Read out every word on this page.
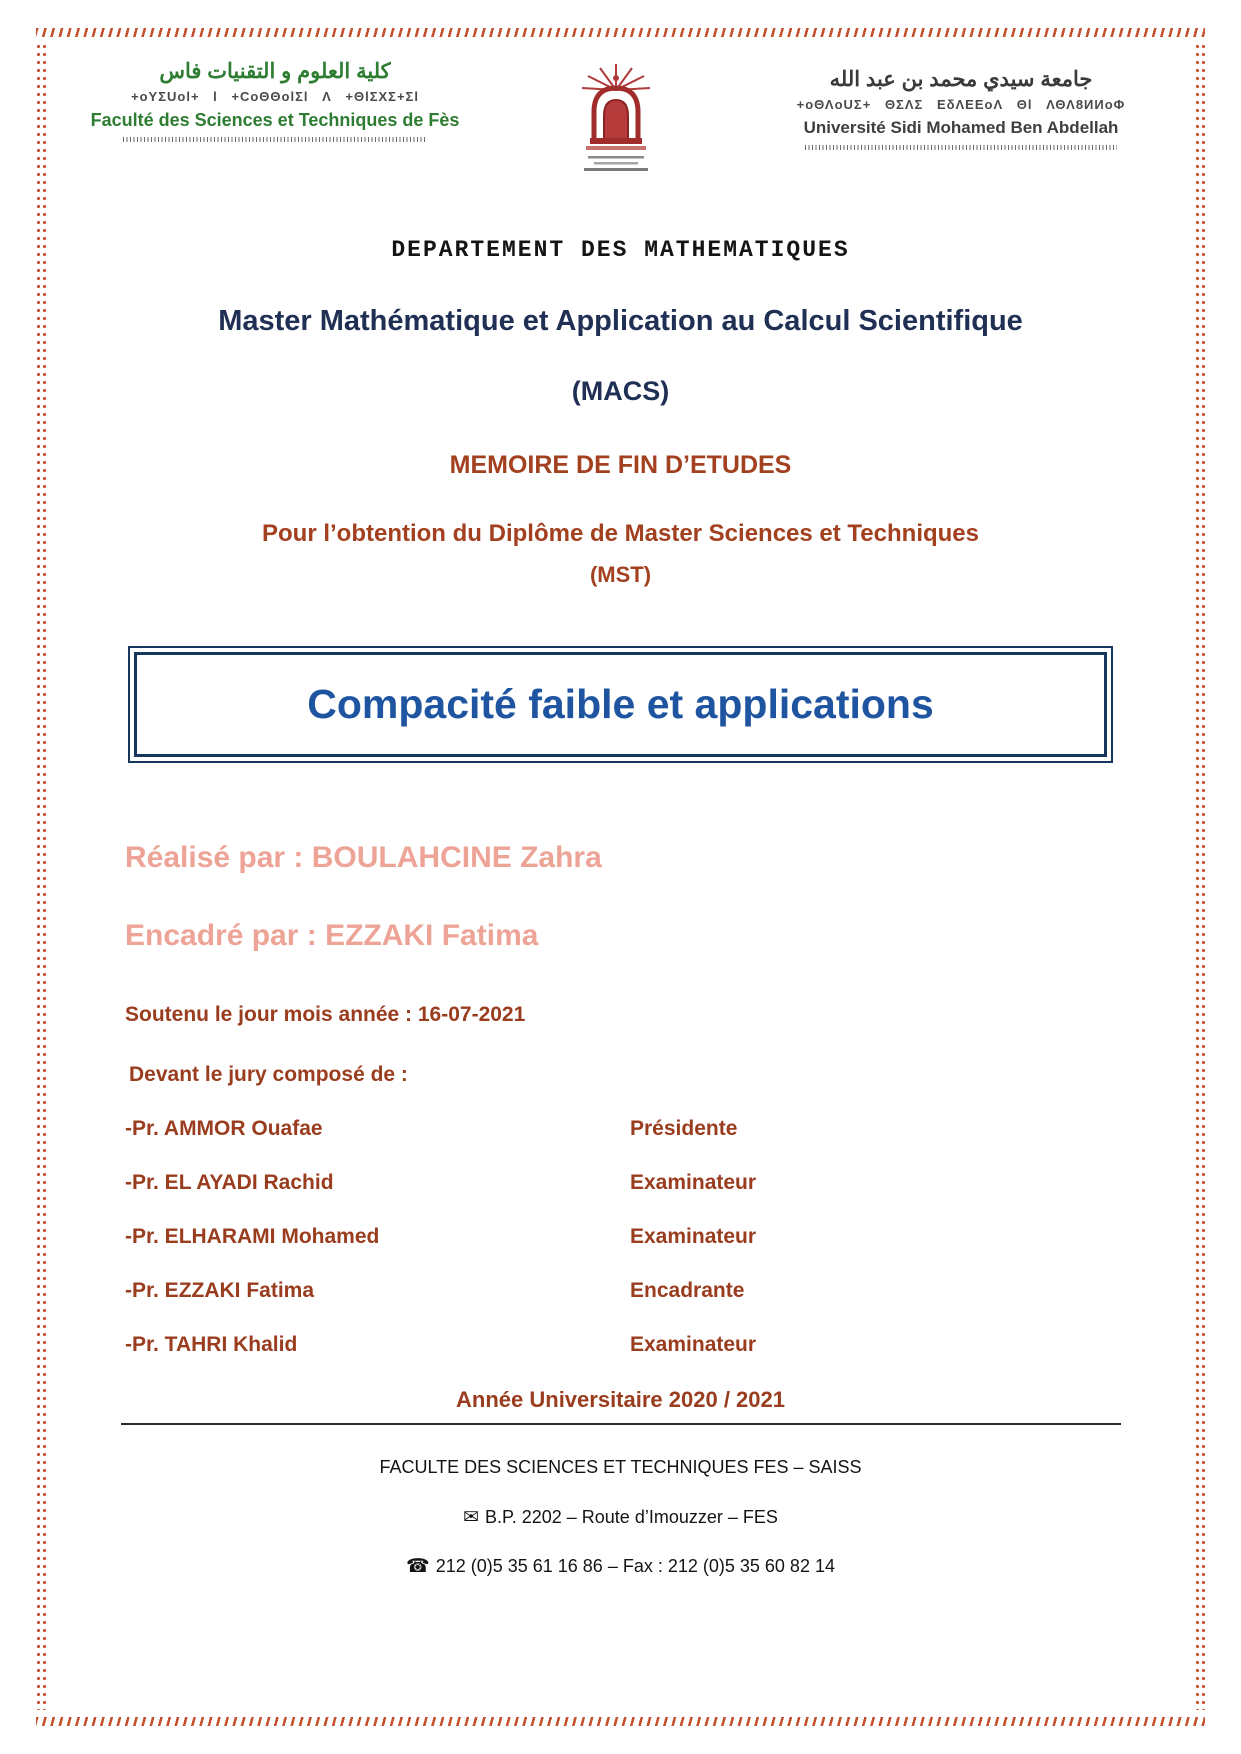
كلية العلوم و التقنيات فاس
+oYΣUol+ l +CoΘΘolΣl Λ +ΘlΣXΣ+Σl
Faculté des Sciences et Techniques de Fès
جامعة سيدي محمد بن عبد الله
+oΘΛoUΣ+ ΘΣΛΣ ΕδΛΕΕoΛ Θl ΛΘΛ8ИИoΦ
Université Sidi Mohamed Ben Abdellah
DEPARTEMENT DES MATHEMATIQUES
Master Mathématique et Application au Calcul Scientifique
(MACS)
MEMOIRE DE FIN D’ETUDES
Pour l’obtention du Diplôme de Master Sciences et Techniques
(MST)
Compacité faible et applications
Réalisé par : BOULAHCINE Zahra
Encadré par : EZZAKI Fatima
Soutenu le jour mois année : 16-07-2021
Devant le jury composé de :
-Pr. AMMOR Ouafae	Présidente
-Pr. EL AYADI Rachid	Examinateur
-Pr. ELHARAMI Mohamed	Examinateur
-Pr. EZZAKI Fatima	Encadrante
-Pr. TAHRI Khalid	Examinateur
Année Universitaire 2020 / 2021
FACULTE DES SCIENCES ET TECHNIQUES FES – SAISS
✉ B.P. 2202 – Route d’Imouzzer – FES
☎ 212 (0)5 35 61 16 86 – Fax : 212 (0)5 35 60 82 14
